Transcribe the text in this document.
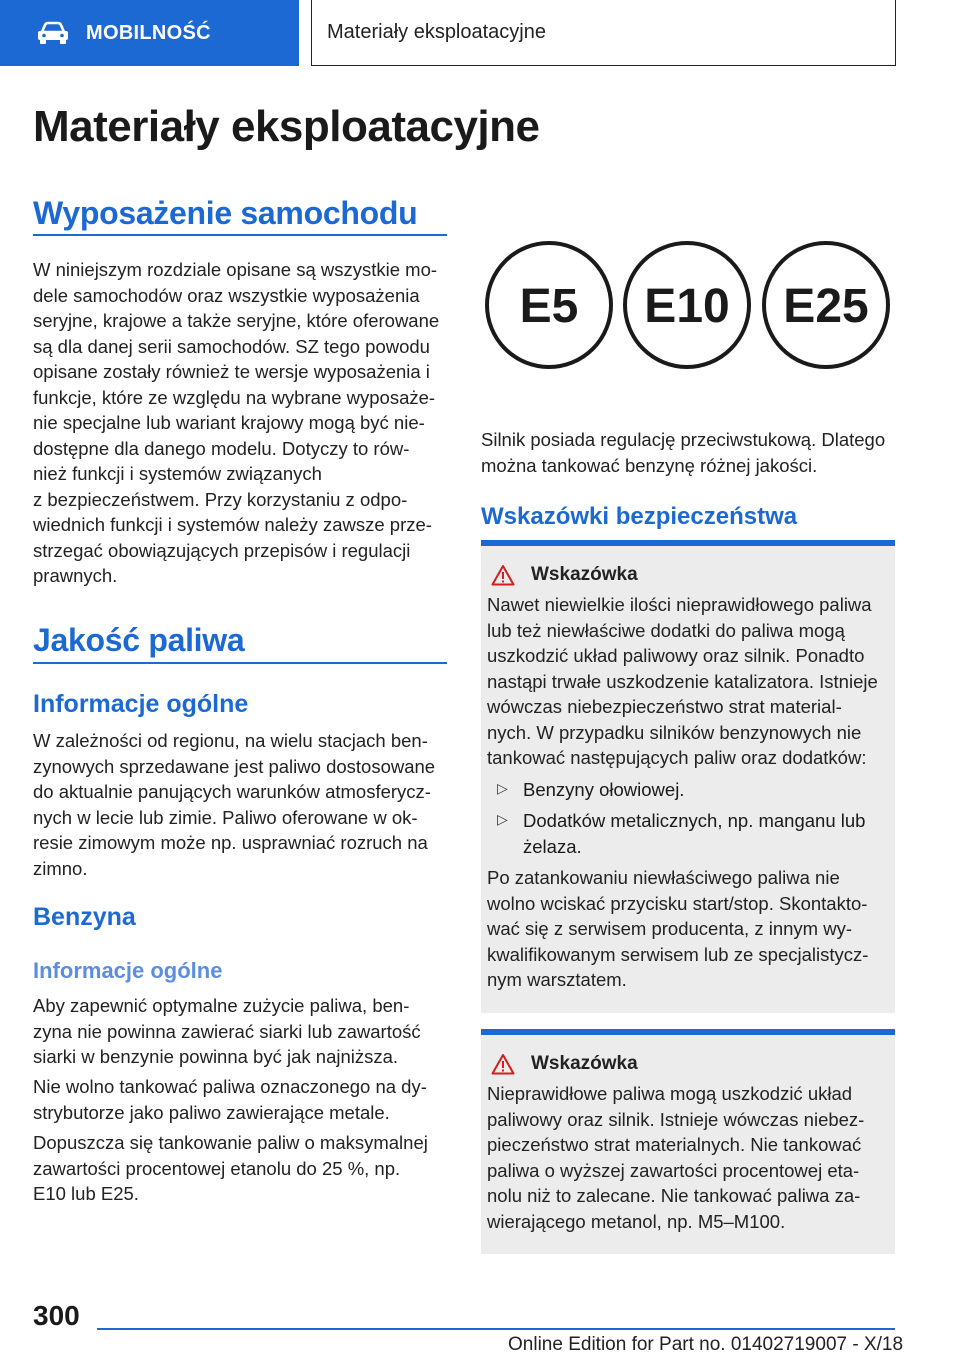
MOBILNOŚĆ	Materiały eksploatacyjne
Materiały eksploatacyjne
Wyposażenie samochodu

W niniejszym rozdziale opisane są wszystkie mo-
dele samochodów oraz wszystkie wyposażenia
seryjne, krajowe a także seryjne, które oferowane
są dla danej serii samochodów. SZ tego powodu
opisane zostały również te wersje wyposażenia i
funkcje, które ze względu na wybrane wyposaże-
nie specjalne lub wariant krajowy mogą być nie-
dostępne dla danego modelu. Dotyczy to rów-
nież funkcji i systemów związanych
z bezpieczeństwem. Przy korzystaniu z odpo-
wiednich funkcji i systemów należy zawsze prze-
strzegać obowiązujących przepisów i regulacji
prawnych.

Jakość paliwa
Informacje ogólne

W zależności od regionu, na wielu stacjach ben-
zynowych sprzedawane jest paliwo dostosowane
do aktualnie panujących warunków atmosferycz-
nych w lecie lub zimie. Paliwo oferowane w ok-
resie zimowym może np. usprawniać rozruch na
zimno.

Benzyna
Informacje ogólne

Aby zapewnić optymalne zużycie paliwa, ben-
zyna nie powinna zawierać siarki lub zawartość
siarki w benzynie powinna być jak najniższa.

Nie wolno tankować paliwa oznaczonego na dy-
strybutorze jako paliwo zawierające metale.

Dopuszcza się tankowanie paliw o maksymalnej
zawartości procentowej etanolu do 25 %, np.
E10 lub E25.

E5 E10 E25

Silnik posiada regulację przeciwstukową. Dlatego
można tankować benzynę różnej jakości.

Wskazówki bezpieczeństwa
Wskazówka

Nawet niewielkie ilości nieprawidłowego paliwa
lub też niewłaściwe dodatki do paliwa mogą
uszkodzić układ paliwowy oraz silnik. Ponadto
nastąpi trwałe uszkodzenie katalizatora. Istnieje
wówczas niebezpieczeństwo strat material-
nych. W przypadku silników benzynowych nie
tankować następujących paliw oraz dodatków:

▷ Benzyny ołowiowej.
▷ Dodatków metalicznych, np. manganu lub
żelaza.

Po zatankowaniu niewłaściwego paliwa nie
wolno wciskać przycisku start/stop. Skontakto-
wać się z serwisem producenta, z innym wy-
kwalifikowanym serwisem lub ze specjalistycz-
nym warsztatem.

Wskazówka

Nieprawidłowe paliwa mogą uszkodzić układ
paliwowy oraz silnik. Istnieje wówczas niebez-
pieczeństwo strat materialnych. Nie tankować
paliwa o wyższej zawartości procentowej eta-
nolu niż to zalecane. Nie tankować paliwa za-
wierającego metanol, np. M5–M100.

300
Online Edition for Part no. 01402719007 - X/18
